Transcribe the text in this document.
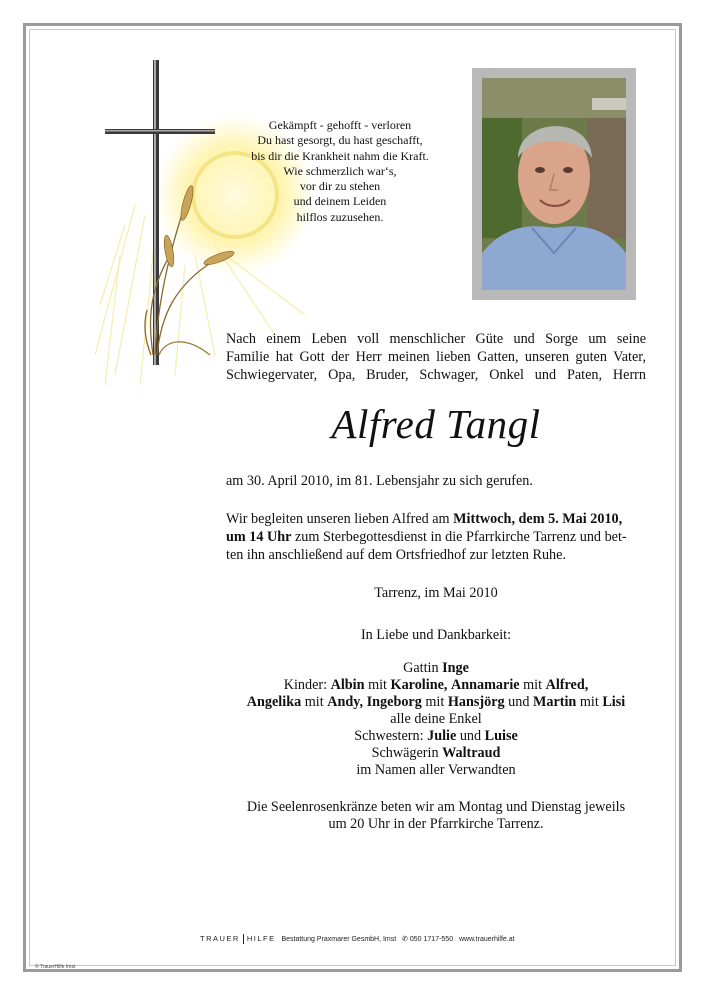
Gekämpft - gehofft - verloren
Du hast gesorgt, du hast geschafft,
bis dir die Krankheit nahm die Kraft.
Wie schmerzlich war‘s,
vor dir zu stehen
und deinem Leiden
hilflos zuzusehen.
Nach einem Leben voll menschlicher Güte und Sorge um seine
Familie hat Gott der Herr meinen lieben Gatten, unseren guten Vater,
Schwiegervater, Opa, Bruder, Schwager, Onkel und Paten, Herrn
Alfred Tangl
am 30. April 2010, im 81. Lebensjahr zu sich gerufen.
Wir begleiten unseren lieben Alfred am Mittwoch, dem 5. Mai 2010,
um 14 Uhr zum Sterbegottesdienst in die Pfarrkirche Tarrenz und bet-
ten ihn anschließend auf dem Ortsfriedhof zur letzten Ruhe.
Tarrenz, im Mai 2010
In Liebe und Dankbarkeit:
Gattin Inge
Kinder: Albin mit Karoline, Annamarie mit Alfred,
Angelika mit Andy, Ingeborg mit Hansjörg und Martin mit Lisi
alle deine Enkel
Schwestern: Julie und Luise
Schwägerin Waltraud
im Namen aller Verwandten
Die Seelenrosenkränze beten wir am Montag und Dienstag jeweils
um 20 Uhr in der Pfarrkirche Tarrenz.
TRAUER HILFE Bestattung Praxmarer GesmbH, Imst ✆ 050 1717-550 www.trauerhilfe.at
© TrauerHilfe Imst
